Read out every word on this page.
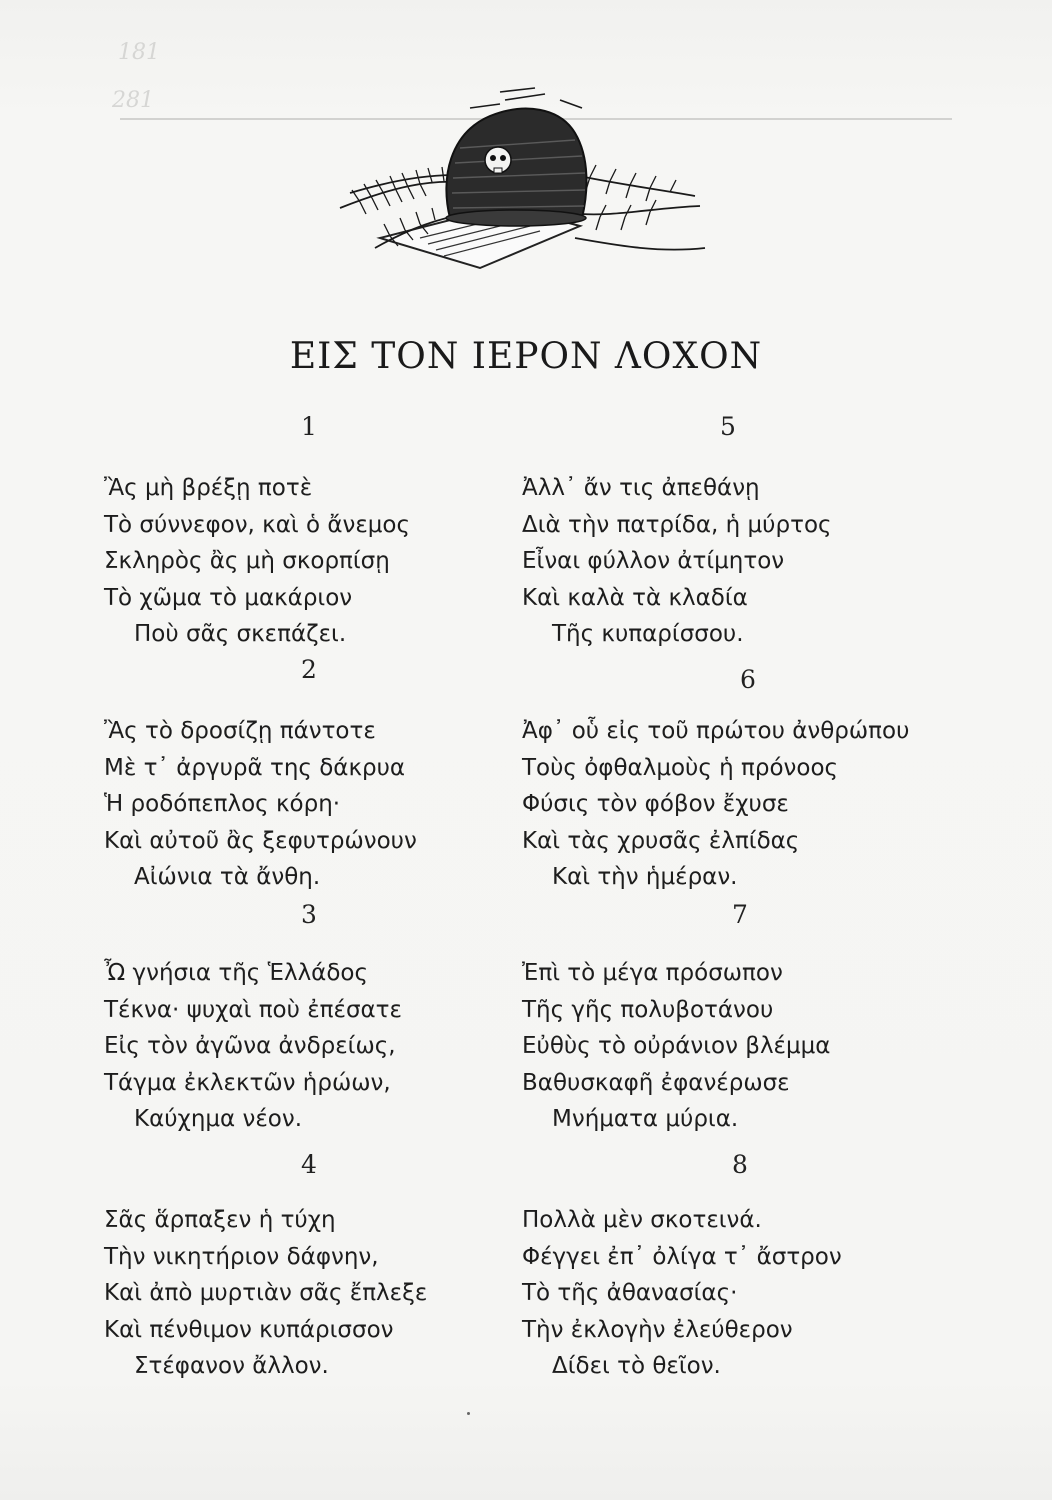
281
181
ΕΙΣ ΤΟΝ ΙΕΡΟΝ ΛΟΧΟΝ
1
Ἂς μὴ βρέξῃ ποτὲ
Τὸ σύννεφον, καὶ ὁ ἄνεμος
Σκληρὸς ἂς μὴ σκορπίσῃ
Τὸ χῶμα τὸ μακάριον
Ποὺ σᾶς σκεπάζει.
2
Ἂς τὸ δροσίζῃ πάντοτε
Μὲ τ᾽ ἀργυρᾶ της δάκρυα
Ἡ ροδόπεπλος κόρη·
Καὶ αὐτοῦ ἂς ξεφυτρώνουν
Αἰώνια τὰ ἄνθη.
3
Ὦ γνήσια τῆς Ἑλλάδος
Τέκνα· ψυχαὶ ποὺ ἐπέσατε
Εἰς τὸν ἀγῶνα ἀνδρείως,
Τάγμα ἐκλεκτῶν ἡρώων,
Καύχημα νέον.
4
Σᾶς ἅρπαξεν ἡ τύχη
Τὴν νικητήριον δάφνην,
Καὶ ἀπὸ μυρτιὰν σᾶς ἔπλεξε
Καὶ πένθιμον κυπάρισσον
Στέφανον ἄλλον.
5
Ἀλλ᾽ ἄν τις ἀπεθάνῃ
Διὰ τὴν πατρίδα, ἡ μύρτος
Εἶναι φύλλον ἀτίμητον
Καὶ καλὰ τὰ κλαδία
Τῆς κυπαρίσσου.
6
Ἀφ᾽ οὗ εἰς τοῦ πρώτου ἀνθρώπου
Τοὺς ὀφθαλμοὺς ἡ πρόνοος
Φύσις τὸν φόβον ἔχυσε
Καὶ τὰς χρυσᾶς ἐλπίδας
Καὶ τὴν ἡμέραν.
7
Ἐπὶ τὸ μέγα πρόσωπον
Τῆς γῆς πολυβοτάνου
Εὐθὺς τὸ οὐράνιον βλέμμα
Βαθυσκαφῆ ἐφανέρωσε
Μνήματα μύρια.
8
Πολλὰ μὲν σκοτεινά.
Φέγγει ἐπ᾽ ὀλίγα τ᾽ ἄστρον
Τὸ τῆς ἀθανασίας·
Τὴν ἐκλογὴν ἐλεύθερον
Δίδει τὸ θεῖον.
